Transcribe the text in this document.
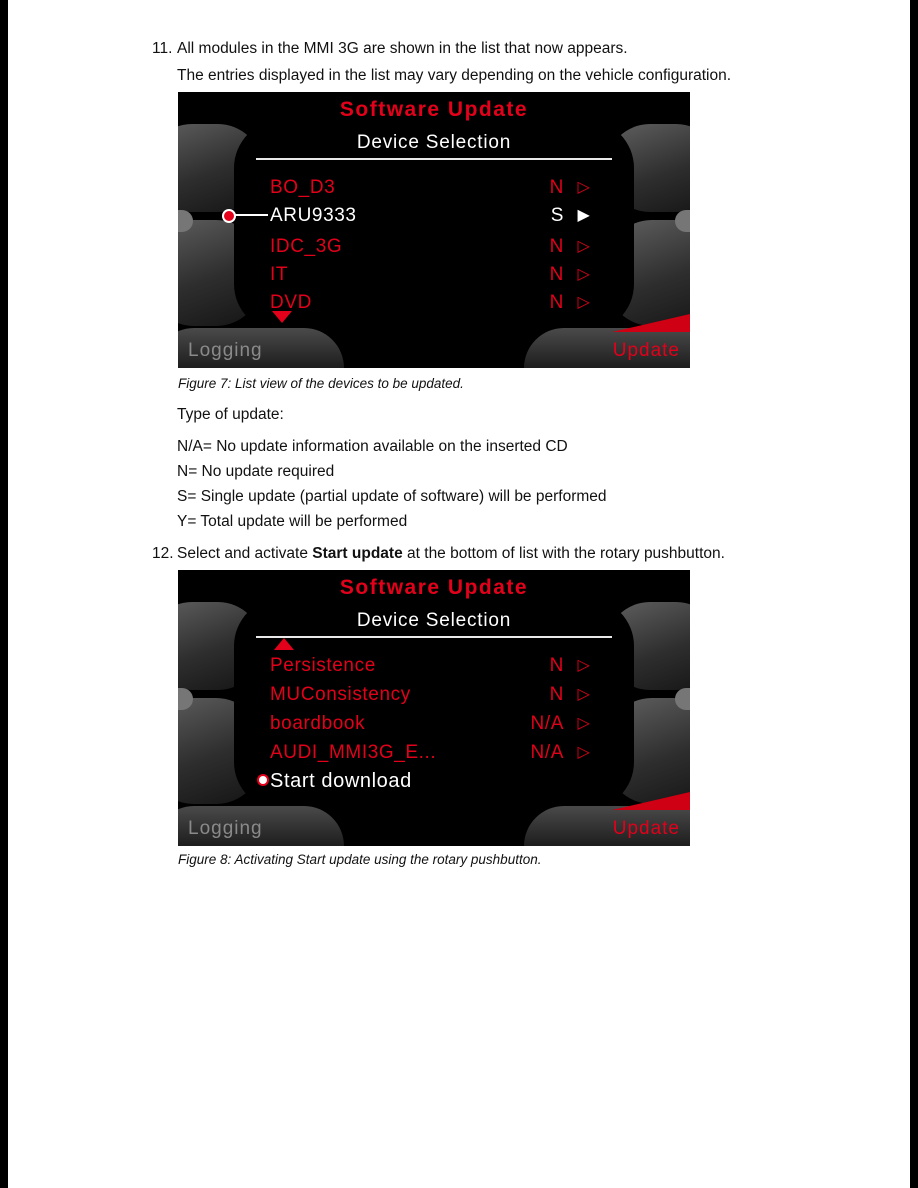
11. All modules in the MMI 3G are shown in the list that now appears.
The entries displayed in the list may vary depending on the vehicle configuration.
Software Update
Device Selection
BO_D3	N ▷
ARU9333	S ▶
IDC_3G	N ▷
IT	N ▷
DVD	N ▷
Logging	Update
Figure 7: List view of the devices to be updated.
Type of update:
N/A= No update information available on the inserted CD
N= No update required
S= Single update (partial update of software) will be performed
Y= Total update will be performed
12. Select and activate Start update at the bottom of list with the rotary pushbutton.
Software Update
Device Selection
Persistence	N ▷
MUConsistency	N ▷
boardbook	N/A ▷
AUDI_MMI3G_E...	N/A ▷
Start download
Logging	Update
Figure 8: Activating Start update using the rotary pushbutton.
